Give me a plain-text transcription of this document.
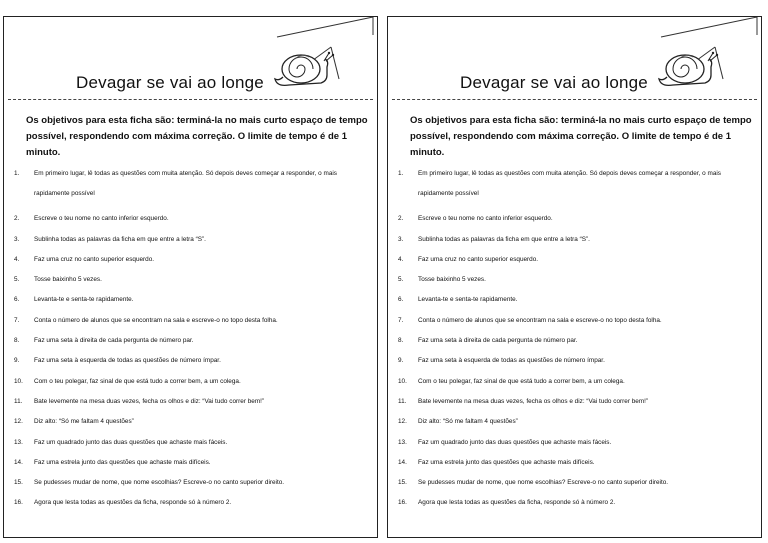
Devagar se vai ao longe
Os objetivos para esta ficha são: terminá-la no mais curto espaço de tempo possível, respondendo com máxima correção. O limite de tempo é de 1 minuto.
1.	Em primeiro lugar, lê todas as questões com muita atenção. Só depois deves começar a responder, o mais rapidamente possível
2.	Escreve o teu nome no canto inferior esquerdo.
3.	Sublinha todas as palavras da ficha em que entre a letra “S”.
4.	Faz uma cruz no canto superior esquerdo.
5.	Tosse baixinho 5 vezes.
6.	Levanta-te e senta-te rapidamente.
7.	Conta o número de alunos que se encontram na sala e escreve-o no topo desta folha.
8.	Faz uma seta à direita de cada pergunta de número par.
9.	Faz uma seta à esquerda de todas as questões de número ímpar.
10.	Com o teu polegar, faz sinal de que está tudo a correr bem, a um colega.
11.	Bate levemente na mesa duas vezes, fecha os olhos e diz: “Vai tudo correr bem!”
12.	Diz alto: “Só me faltam 4 questões”
13.	Faz um quadrado junto das duas questões que achaste mais fáceis.
14.	Faz uma estrela junto das questões que achaste mais difíceis.
15.	Se pudesses mudar de nome, que nome escolhias? Escreve-o no canto superior direito.
16.	Agora que lesta todas as questões da ficha, responde só à número 2.
Devagar se vai ao longe
Os objetivos para esta ficha são: terminá-la no mais curto espaço de tempo possível, respondendo com máxima correção. O limite de tempo é de 1 minuto.
1.	Em primeiro lugar, lê todas as questões com muita atenção. Só depois deves começar a responder, o mais rapidamente possível
2.	Escreve o teu nome no canto inferior esquerdo.
3.	Sublinha todas as palavras da ficha em que entre a letra “S”.
4.	Faz uma cruz no canto superior esquerdo.
5.	Tosse baixinho 5 vezes.
6.	Levanta-te e senta-te rapidamente.
7.	Conta o número de alunos que se encontram na sala e escreve-o no topo desta folha.
8.	Faz uma seta à direita de cada pergunta de número par.
9.	Faz uma seta à esquerda de todas as questões de número ímpar.
10.	Com o teu polegar, faz sinal de que está tudo a correr bem, a um colega.
11.	Bate levemente na mesa duas vezes, fecha os olhos e diz: “Vai tudo correr bem!”
12.	Diz alto: “Só me faltam 4 questões”
13.	Faz um quadrado junto das duas questões que achaste mais fáceis.
14.	Faz uma estrela junto das questões que achaste mais difíceis.
15.	Se pudesses mudar de nome, que nome escolhias? Escreve-o no canto superior direito.
16.	Agora que lesta todas as questões da ficha, responde só à número 2.
